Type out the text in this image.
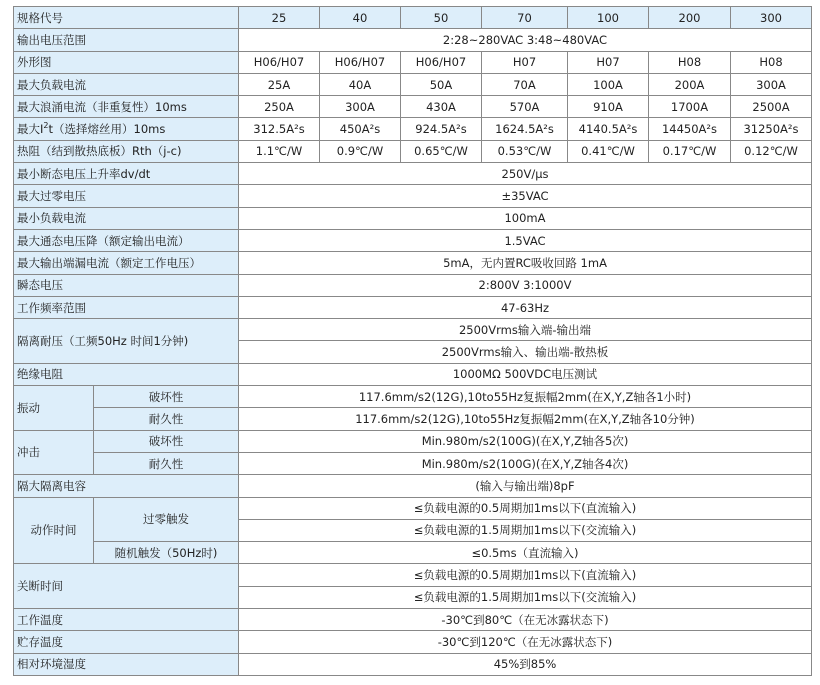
规格代号		25	40	50	70	100	200	300
输出电压范围		2:28~280VAC 3:48~480VAC						
外形图		H06/H07	H06/H07	H06/H07	H07	H07	H08	H08
最大负载电流		25A	40A	50A	70A	100A	200A	300A
最大浪涌电流（非重复性）10ms		250A	300A	430A	570A	910A	1700A	2500A
最大$I^2t$（选择熔丝用）10ms		312.5A²s	450A²s	924.5A²s	1624.5A²s	4140.5A²s	14450A²s	31250A²s
热阻（结到散热底板）Rth（j-c)		1.1℃/W	0.9℃/W	0.65℃/W	0.53℃/W	0.41℃/W	0.17℃/W	0.12℃/W
最小断态电压上升率dv/dt		250V/μs						
最大过零电压		±35VAC						
最小负载电流		100mA						
最大通态电压降（额定输出电流）		1.5VAC						
最大输出端漏电流（额定工作电压）		5mA，无内置RC吸收回路 1mA						
瞬态电压		2:800V 3:1000V						
工作频率范围		47-63Hz						
隔离耐压（工频50Hz 时间1分钟)		2500Vrms输入端-输出端						
		2500Vrms输入、输出端-散热板						
绝缘电阻		1000MΩ 500VDC电压测试						
振动	破坏性	117.6mm/s2(12G),10to55Hz复振幅2mm(在X,Y,Z轴各1小时)						
	耐久性	117.6mm/s2(12G),10to55Hz复振幅2mm(在X,Y,Z轴各10分钟)						
冲击	破坏性	Min.980m/s2(100G)(在X,Y,Z轴各5次)						
	耐久性	Min.980m/s2(100G)(在X,Y,Z轴各4次)						
隔大隔离电容		(输入与输出端)8pF						
动作时间	过零触发	≤负载电源的0.5周期加1ms以下(直流输入)						
		≤负载电源的1.5周期加1ms以下(交流输入)						
	随机触发（50Hz时)	≤0.5ms（直流输入)						
关断时间		≤负载电源的0.5周期加1ms以下(直流输入)						
		≤负载电源的1.5周期加1ms以下(交流输入)						
工作温度		-30℃到80℃（在无冰露状态下)						
贮存温度		-30℃到120℃（在无冰露状态下)						
相对环境湿度		45%到85%						
